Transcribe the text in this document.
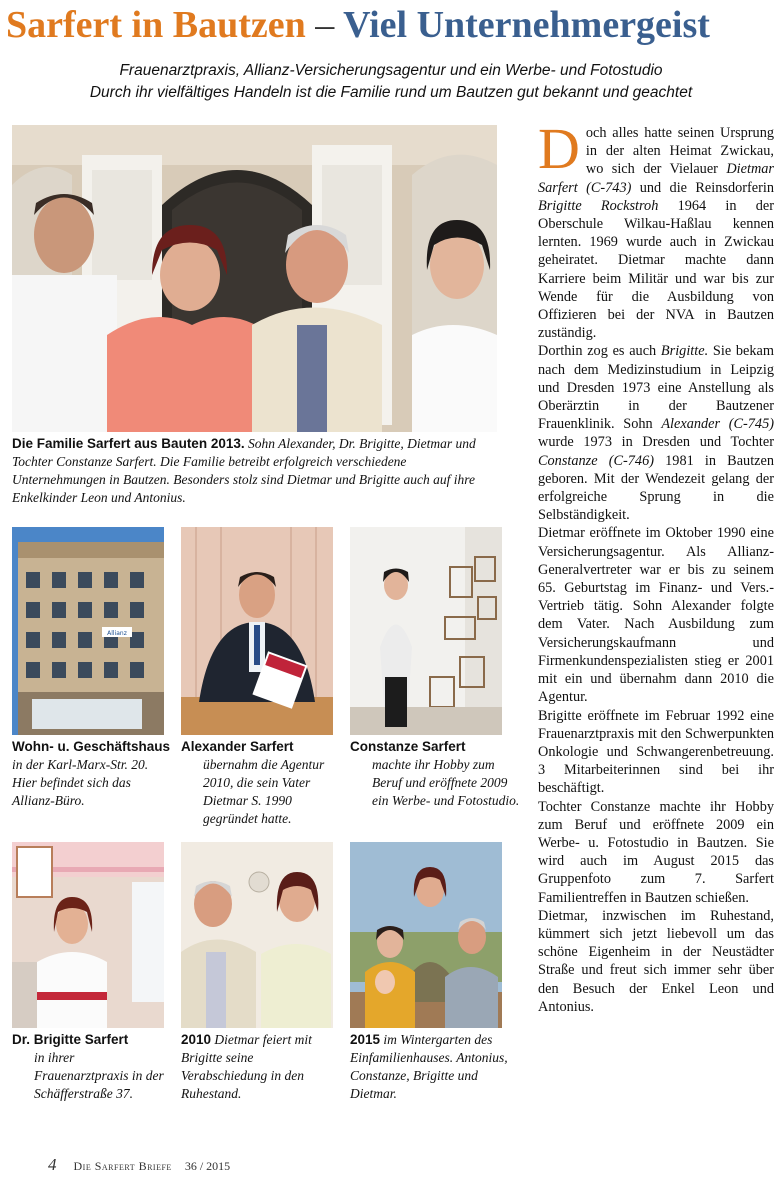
Sarfert in Bautzen – Viel Unternehmergeist
Frauenarztpraxis, Allianz-Versicherungsagentur und ein Werbe- und Fotostudio
Durch ihr vielfältiges Handeln ist die Familie rund um Bautzen gut bekannt und geachtet
Die Familie Sarfert aus Bauten 2013. Sohn Alexander, Dr. Brigitte, Dietmar und Tochter Constanze Sarfert. Die Familie betreibt erfolgreich verschiedene Unternehmungen in Bautzen. Besonders stolz sind Dietmar und Brigitte auch auf ihre Enkelkinder Leon und Antonius.
Allianz
Wohn- u. Geschäftshaus in der Karl-Marx-Str. 20. Hier befindet sich das Allianz-Büro.
Alexander Sarfert
übernahm die Agentur 2010, die sein Vater Dietmar S. 1990 gegründet hatte.
Constanze Sarfert
machte ihr Hobby zum Beruf und eröffnete 2009 ein Werbe- und Fotostudio.
Dr. Brigitte Sarfert
in ihrer Frauenarztpraxis in der Schäfferstraße 37.
2010 Dietmar feiert mit Brigitte seine Verabschiedung in den Ruhestand.
2015 im Wintergarten des Einfamilienhauses. Antonius, Constanze, Brigitte und Dietmar.

Doch alles hatte seinen Ursprung in der alten Heimat Zwickau, wo sich der Vielauer Dietmar Sarfert (C-743) und die Reinsdorferin Brigitte Rockstroh 1964 in der Oberschule Wilkau-Haßlau kennen lernten. 1969 wurde auch in Zwickau geheiratet. Dietmar machte dann Karriere beim Militär und war bis zur Wende für die Ausbildung von Offizieren bei der NVA in Bautzen zuständig.

Dorthin zog es auch Brigitte. Sie bekam nach dem Medizinstudium in Leipzig und Dresden 1973 eine Anstellung als Oberärztin in der Bautzener Frauenklinik. Sohn Alexander (C-745) wurde 1973 in Dresden und Tochter Constanze (C-746) 1981 in Bautzen geboren. Mit der Wendezeit gelang der erfolgreiche Sprung in die Selbständigkeit.

Dietmar eröffnete im Oktober 1990 eine Versicherungsagentur. Als Allianz-Generalvertreter war er bis zu seinem 65. Geburtstag im Finanz- und Vers.-Vertrieb tätig. Sohn Alexander folgte dem Vater. Nach Ausbildung zum Versicherungskaufmann und Firmenkundenspezialisten stieg er 2001 mit ein und übernahm dann 2010 die Agentur.

Brigitte eröffnete im Februar 1992 eine Frauenarztpraxis mit den Schwerpunkten Onkologie und Schwangerenbetreuung. 3 Mitarbeiterinnen sind bei ihr beschäftigt.

Tochter Constanze machte ihr Hobby zum Beruf und eröffnete 2009 ein Werbe- u. Fotostudio in Bautzen. Sie wird auch im August 2015 das Gruppenfoto zum 7. Sarfert Familientreffen in Bautzen schießen.

Dietmar, inzwischen im Ruhestand, kümmert sich jetzt liebevoll um das schöne Eigenheim in der Neustädter Straße und freut sich immer sehr über den Besuch der Enkel Leon und Antonius.

4 Die Sarfert Briefe 36 / 2015
